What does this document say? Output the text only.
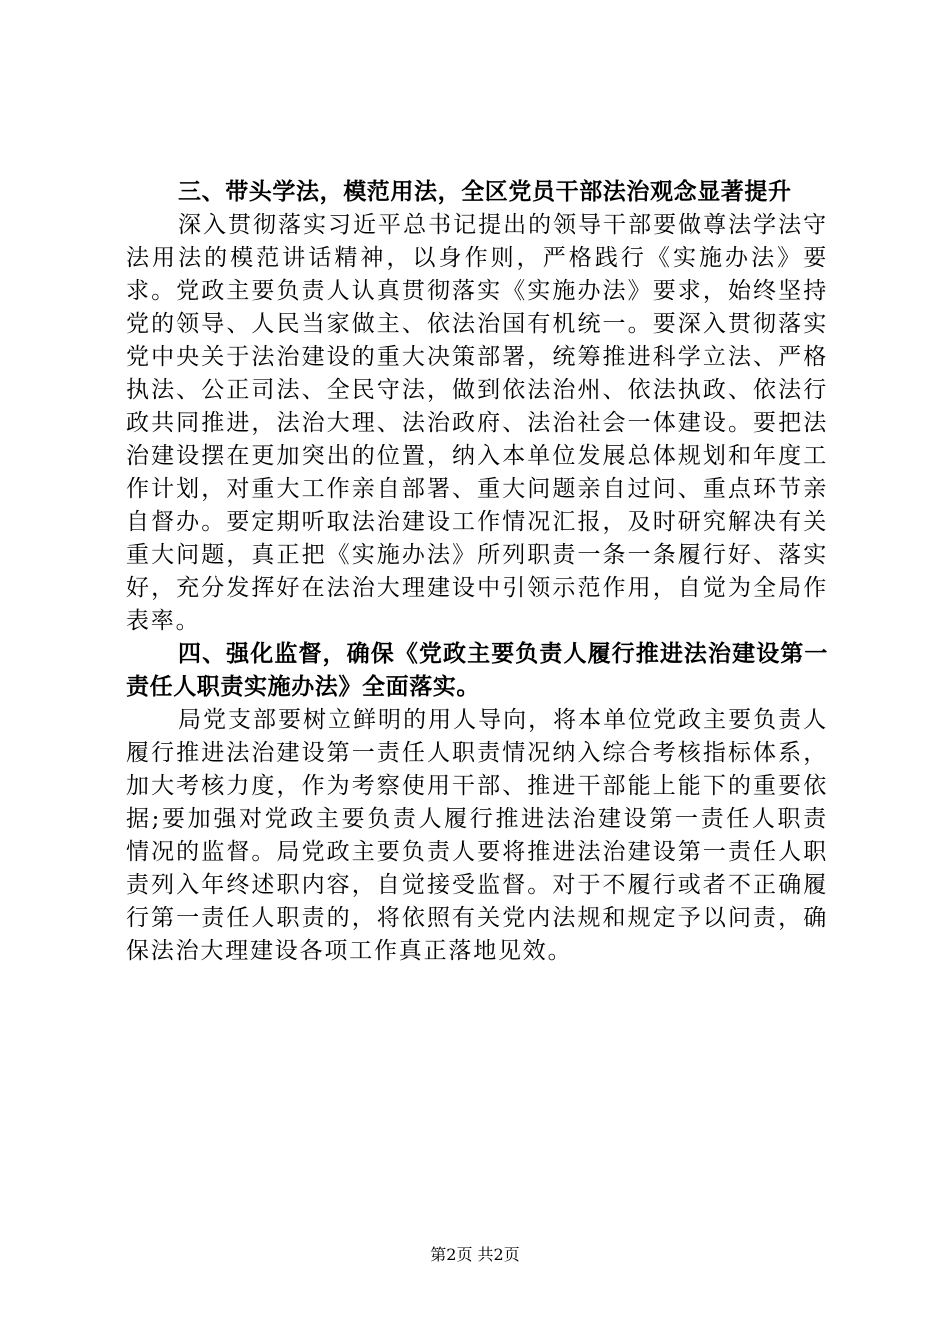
三、带头学法，模范用法，全区党员干部法治观念显著提升

深入贯彻落实习近平总书记提出的领导干部要做尊法学法守法用法的模范讲话精神，以身作则，严格践行《实施办法》要求。党政主要负责人认真贯彻落实《实施办法》要求，始终坚持党的领导、人民当家做主、依法治国有机统一。要深入贯彻落实党中央关于法治建设的重大决策部署，统筹推进科学立法、严格执法、公正司法、全民守法，做到依法治州、依法执政、依法行政共同推进，法治大理、法治政府、法治社会一体建设。要把法治建设摆在更加突出的位置，纳入本单位发展总体规划和年度工作计划，对重大工作亲自部署、重大问题亲自过问、重点环节亲自督办。要定期听取法治建设工作情况汇报，及时研究解决有关重大问题，真正把《实施办法》所列职责一条一条履行好、落实好，充分发挥好在法治大理建设中引领示范作用，自觉为全局作表率。

四、强化监督，确保《党政主要负责人履行推进法治建设第一责任人职责实施办法》全面落实。

局党支部要树立鲜明的用人导向，将本单位党政主要负责人履行推进法治建设第一责任人职责情况纳入综合考核指标体系，加大考核力度，作为考察使用干部、推进干部能上能下的重要依据;要加强对党政主要负责人履行推进法治建设第一责任人职责情况的监督。局党政主要负责人要将推进法治建设第一责任人职责列入年终述职内容，自觉接受监督。对于不履行或者不正确履行第一责任人职责的，将依照有关党内法规和规定予以问责，确保法治大理建设各项工作真正落地见效。

第2页 共2页
